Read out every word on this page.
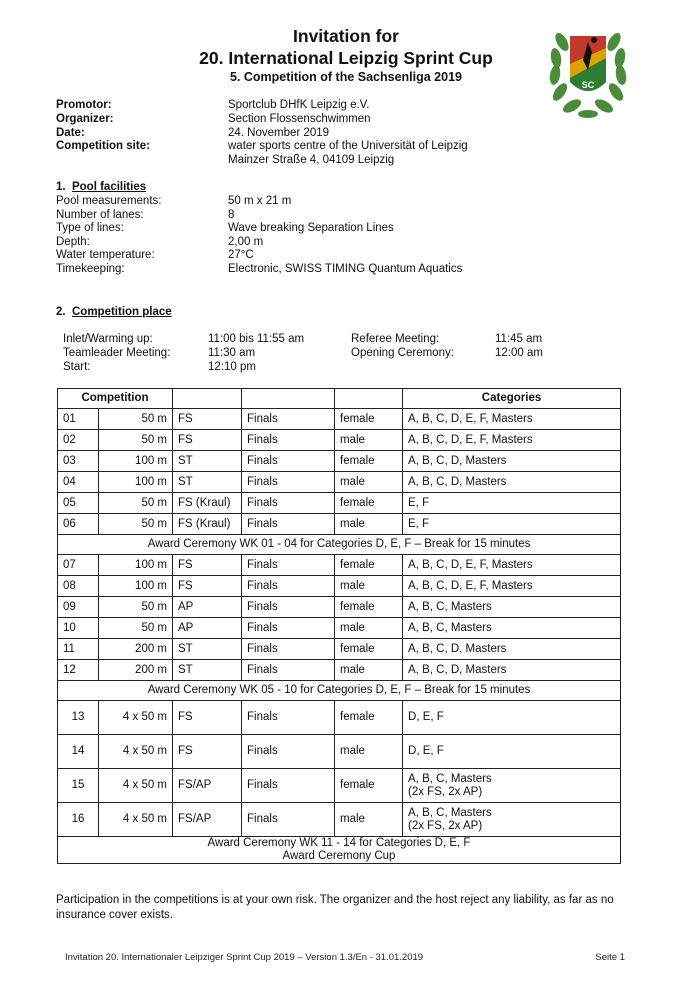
Invitation for
20. International Leipzig Sprint Cup
5. Competition of the Sachsenliga 2019
SC
DHfK
Promotor:	Sportclub DHfK Leipzig e.V.
Organizer:	Section Flossenschwimmen
Date:	24. November 2019
Competition site:	water sports centre of the Universität of Leipzig
Mainzer Straße 4, 04109 Leipzig
1. Pool facilities
Pool measurements:	50 m x 21 m
Number of lanes:	8
Type of lines:	Wave breaking Separation Lines
Depth:	2,00 m
Water temperature:	27°C
Timekeeping:	Electronic, SWISS TIMING Quantum Aquatics
2. Competition place
Inlet/Warming up:	11:00 bis 11:55 am	Referee Meeting:	11:45 am
Teamleader Meeting:	11:30 am	Opening Ceremony:	12:00 am
Start:	12:10 pm
Competition					Categories
01	50 m	FS	Finals	female	A, B, C, D, E, F, Masters

02	50 m	FS	Finals	male	A, B, C, D, E, F, Masters

03	100 m	ST	Finals	female	A, B, C, D, Masters

04	100 m	ST	Finals	male	A, B, C, D, Masters

05	50 m	FS (Kraul)	Finals	female	E, F

06	50 m	FS (Kraul)	Finals	male	E, F

Award Ceremony WK 01 - 04 for Categories D, E, F – Break for 15 minutes					

07	100 m	FS	Finals	female	A, B, C, D, E, F, Masters

08	100 m	FS	Finals	male	A, B, C, D, E, F, Masters

09	50 m	AP	Finals	female	A, B, C, Masters

10	50 m	AP	Finals	male	A, B, C, Masters

11	200 m	ST	Finals	female	A, B, C, D, Masters

12	200 m	ST	Finals	male	A, B, C, D, Masters

Award Ceremony WK 05 - 10 for Categories D, E, F – Break for 15 minutes					

13	4 x 50 m	FS	Finals	female	D, E, F

14	4 x 50 m	FS	Finals	male	D, E, F

15	4 x 50 m	FS/AP	Finals	female	A, B, C, Masters
(2x FS, 2x AP)

16	4 x 50 m	FS/AP	Finals	male	A, B, C, Masters
(2x FS, 2x AP)

Award Ceremony WK 11 - 14 for Categories D, E, F
Award Ceremony Cup					
Participation in the competitions is at your own risk. The organizer and the host reject any liability, as far as no insurance cover exists.
Invitation 20. Internationaler Leipziger Sprint Cup 2019 – Version 1.3/En - 31.01.2019	Seite 1
